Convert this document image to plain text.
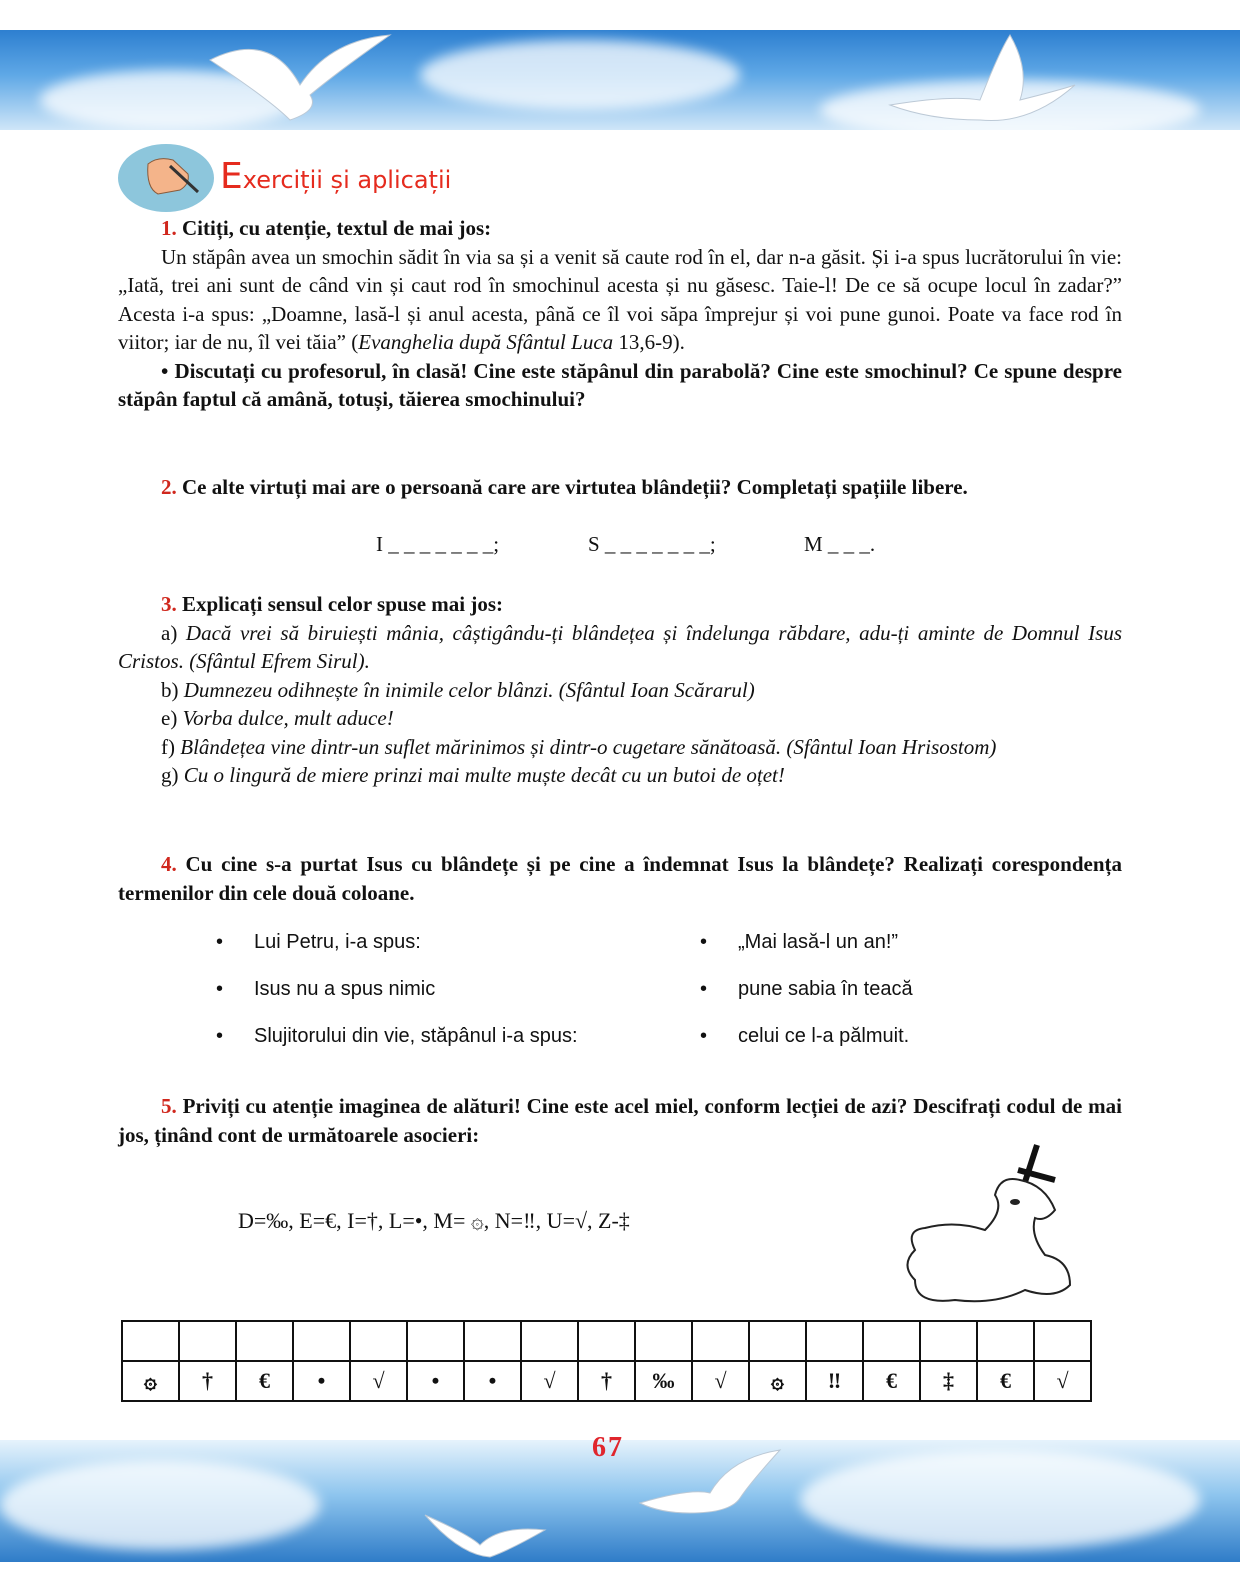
Exerciții și aplicații

1. Citiți, cu atenție, textul de mai jos:

Un stăpân avea un smochin sădit în via sa și a venit să caute rod în el, dar n-a găsit. Și i-a spus lucrătorului în vie: „Iată, trei ani sunt de când vin și caut rod în smochinul acesta și nu găsesc. Taie-l! De ce să ocupe locul în zadar?” Acesta i-a spus: „Doamne, lasă-l și anul acesta, până ce îl voi săpa împrejur și voi pune gunoi. Poate va face rod în viitor; iar de nu, îl vei tăia” (Evanghelia după Sfântul Luca 13,6-9).

• Discutați cu profesorul, în clasă! Cine este stăpânul din parabolă? Cine este smochinul? Ce spune despre stăpân faptul că amână, totuși, tăierea smochinului?

2. Ce alte virtuți mai are o persoană care are virtutea blândeții? Completați spațiile libere.

I _ _ _ _ _ _ _;	S _ _ _ _ _ _ _;	M _ _ _.

3. Explicați sensul celor spuse mai jos:

a) Dacă vrei să biruiești mânia, câștigându-ți blândețea și îndelunga răbdare, adu-ți aminte de Domnul Isus Cristos. (Sfântul Efrem Sirul).

b) Dumnezeu odihnește în inimile celor blânzi. (Sfântul Ioan Scărarul)

e) Vorba dulce, mult aduce!

f) Blândețea vine dintr-un suflet mărinimos și dintr-o cugetare sănătoasă. (Sfântul Ioan Hrisostom)

g) Cu o lingură de miere prinzi mai multe muște decât cu un butoi de oțet!

4. Cu cine s-a purtat Isus cu blândețe și pe cine a îndemnat Isus la blândețe? Realizați corespondența termenilor din cele două coloane.

• Lui Petru, i-a spus:
• Isus nu a spus nimic
• Slujitorului din vie, stăpânul i-a spus:
• „Mai lasă-l un an!”
• pune sabia în teacă
• celui ce l-a pălmuit.

5. Priviți cu atenție imaginea de alături! Cine este acel miel, conform lecției de azi? Descifrați codul de mai jos, ținând cont de următoarele asocieri:

D=‰, E=€, I=†, L=•, M= ۞, N=‼, U=√, Z-‡

۞	†	€	•	√	•	•	√	†	‰	√	۞	‼	€	‡	€	√
67
